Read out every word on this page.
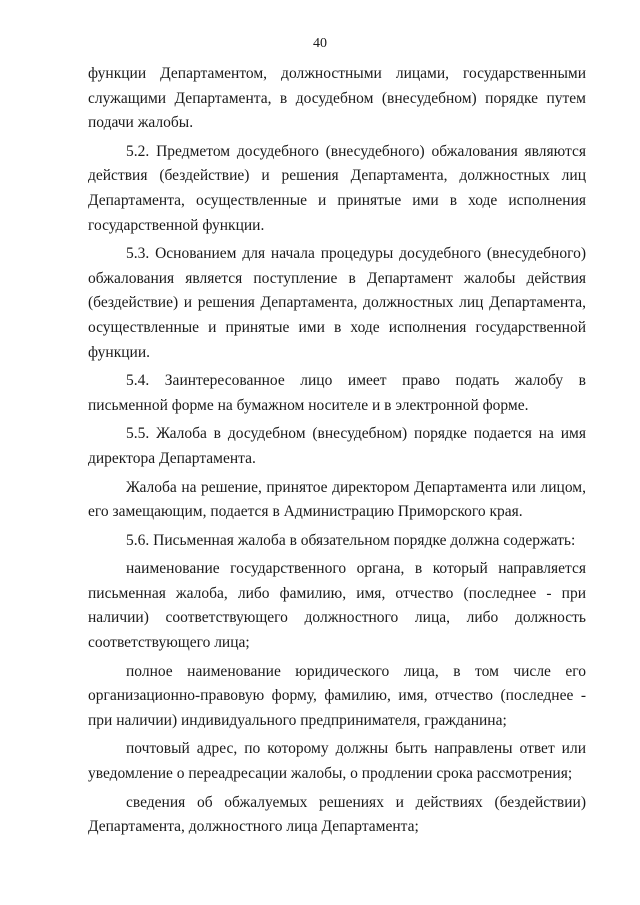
40

функции Департаментом, должностными лицами, государственными служащими Департамента, в досудебном (внесудебном) порядке путем подачи жалобы.

5.2. Предметом досудебного (внесудебного) обжалования являются действия (бездействие) и решения Департамента, должностных лиц Департамента, осуществленные и принятые ими в ходе исполнения государственной функции.

5.3. Основанием для начала процедуры досудебного (внесудебного) обжалования является поступление в Департамент жалобы действия (бездействие) и решения Департамента, должностных лиц Департамента, осуществленные и принятые ими в ходе исполнения государственной функции.

5.4. Заинтересованное лицо имеет право подать жалобу в письменной форме на бумажном носителе и в электронной форме.

5.5. Жалоба в досудебном (внесудебном) порядке подается на имя директора Департамента.

Жалоба на решение, принятое директором Департамента или лицом, его замещающим, подается в Администрацию Приморского края.

5.6. Письменная жалоба в обязательном порядке должна содержать:

наименование государственного органа, в который направляется письменная жалоба, либо фамилию, имя, отчество (последнее - при наличии) соответствующего должностного лица, либо должность соответствующего лица;

полное наименование юридического лица, в том числе его организационно-правовую форму, фамилию, имя, отчество (последнее - при наличии) индивидуального предпринимателя, гражданина;

почтовый адрес, по которому должны быть направлены ответ или уведомление о переадресации жалобы, о продлении срока рассмотрения;

сведения об обжалуемых решениях и действиях (бездействии) Департамента, должностного лица Департамента;
